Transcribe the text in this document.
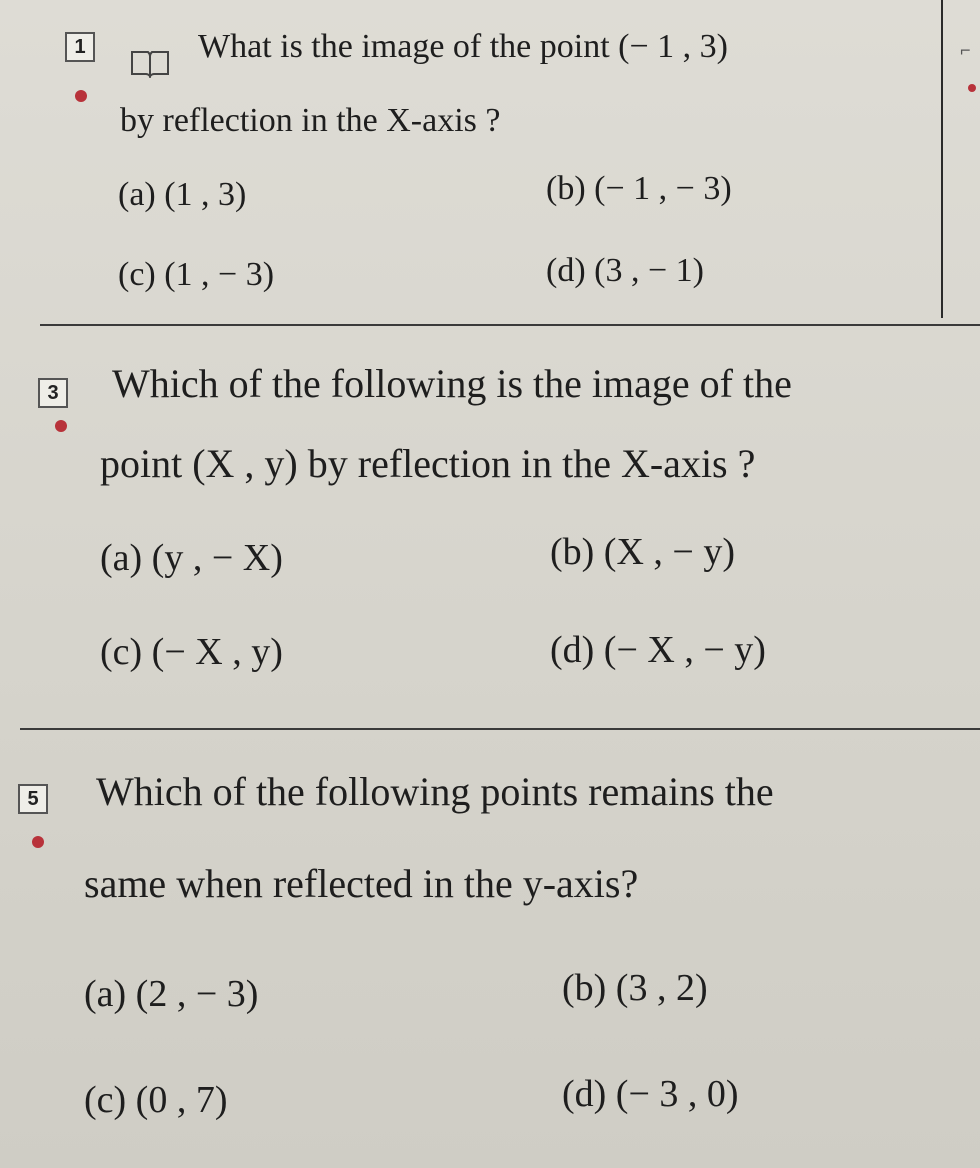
1	What is the image of the point (− 1 , 3)
by reflection in the X-axis ?
(a) (1 , 3)	(b) (− 1 , − 3)
(c) (1 , − 3)	(d) (3 , − 1)
⌐
3 Which of the following is the image of the
point (X , y) by reflection in the X-axis ?
(a) (y , − X)	(b) (X , − y)
(c) (− X , y)	(d) (− X , − y)
5 Which of the following points remains the
same when reflected in the y-axis?
(a) (2 , − 3)	(b) (3 , 2)
(c) (0 , 7)	(d) (− 3 , 0)
